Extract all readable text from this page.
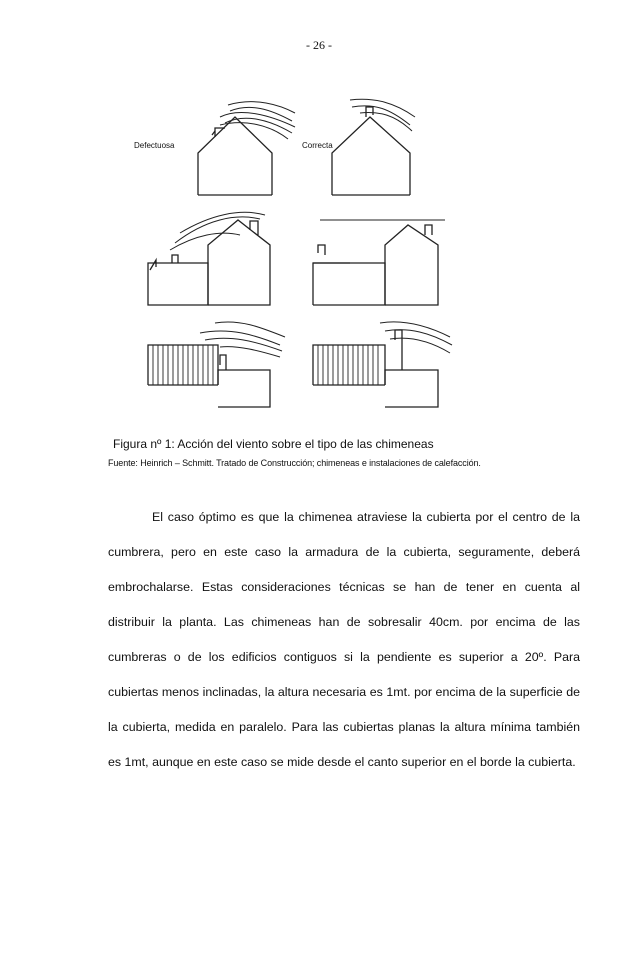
- 26 -
Defectuosa	Correcta
Figura nº 1: Acción del viento sobre el tipo de las chimeneas
Fuente: Heinrich – Schmitt. Tratado de Construcción; chimeneas e instalaciones de calefacción.
El caso óptimo es que la chimenea atraviese la cubierta por el centro de la
cumbrera, pero en este caso la armadura de la cubierta, seguramente, deberá
embrochalarse. Estas consideraciones técnicas se han de tener en cuenta al
distribuir la planta. Las chimeneas han de sobresalir 40cm. por encima de las
cumbreras o de los edificios contiguos si la pendiente es superior a 20º. Para
cubiertas menos inclinadas, la altura necesaria es 1mt. por encima de la superficie de
la cubierta, medida en paralelo. Para las cubiertas planas la altura mínima también
es 1mt, aunque en este caso se mide desde el canto superior en el borde la cubierta.
